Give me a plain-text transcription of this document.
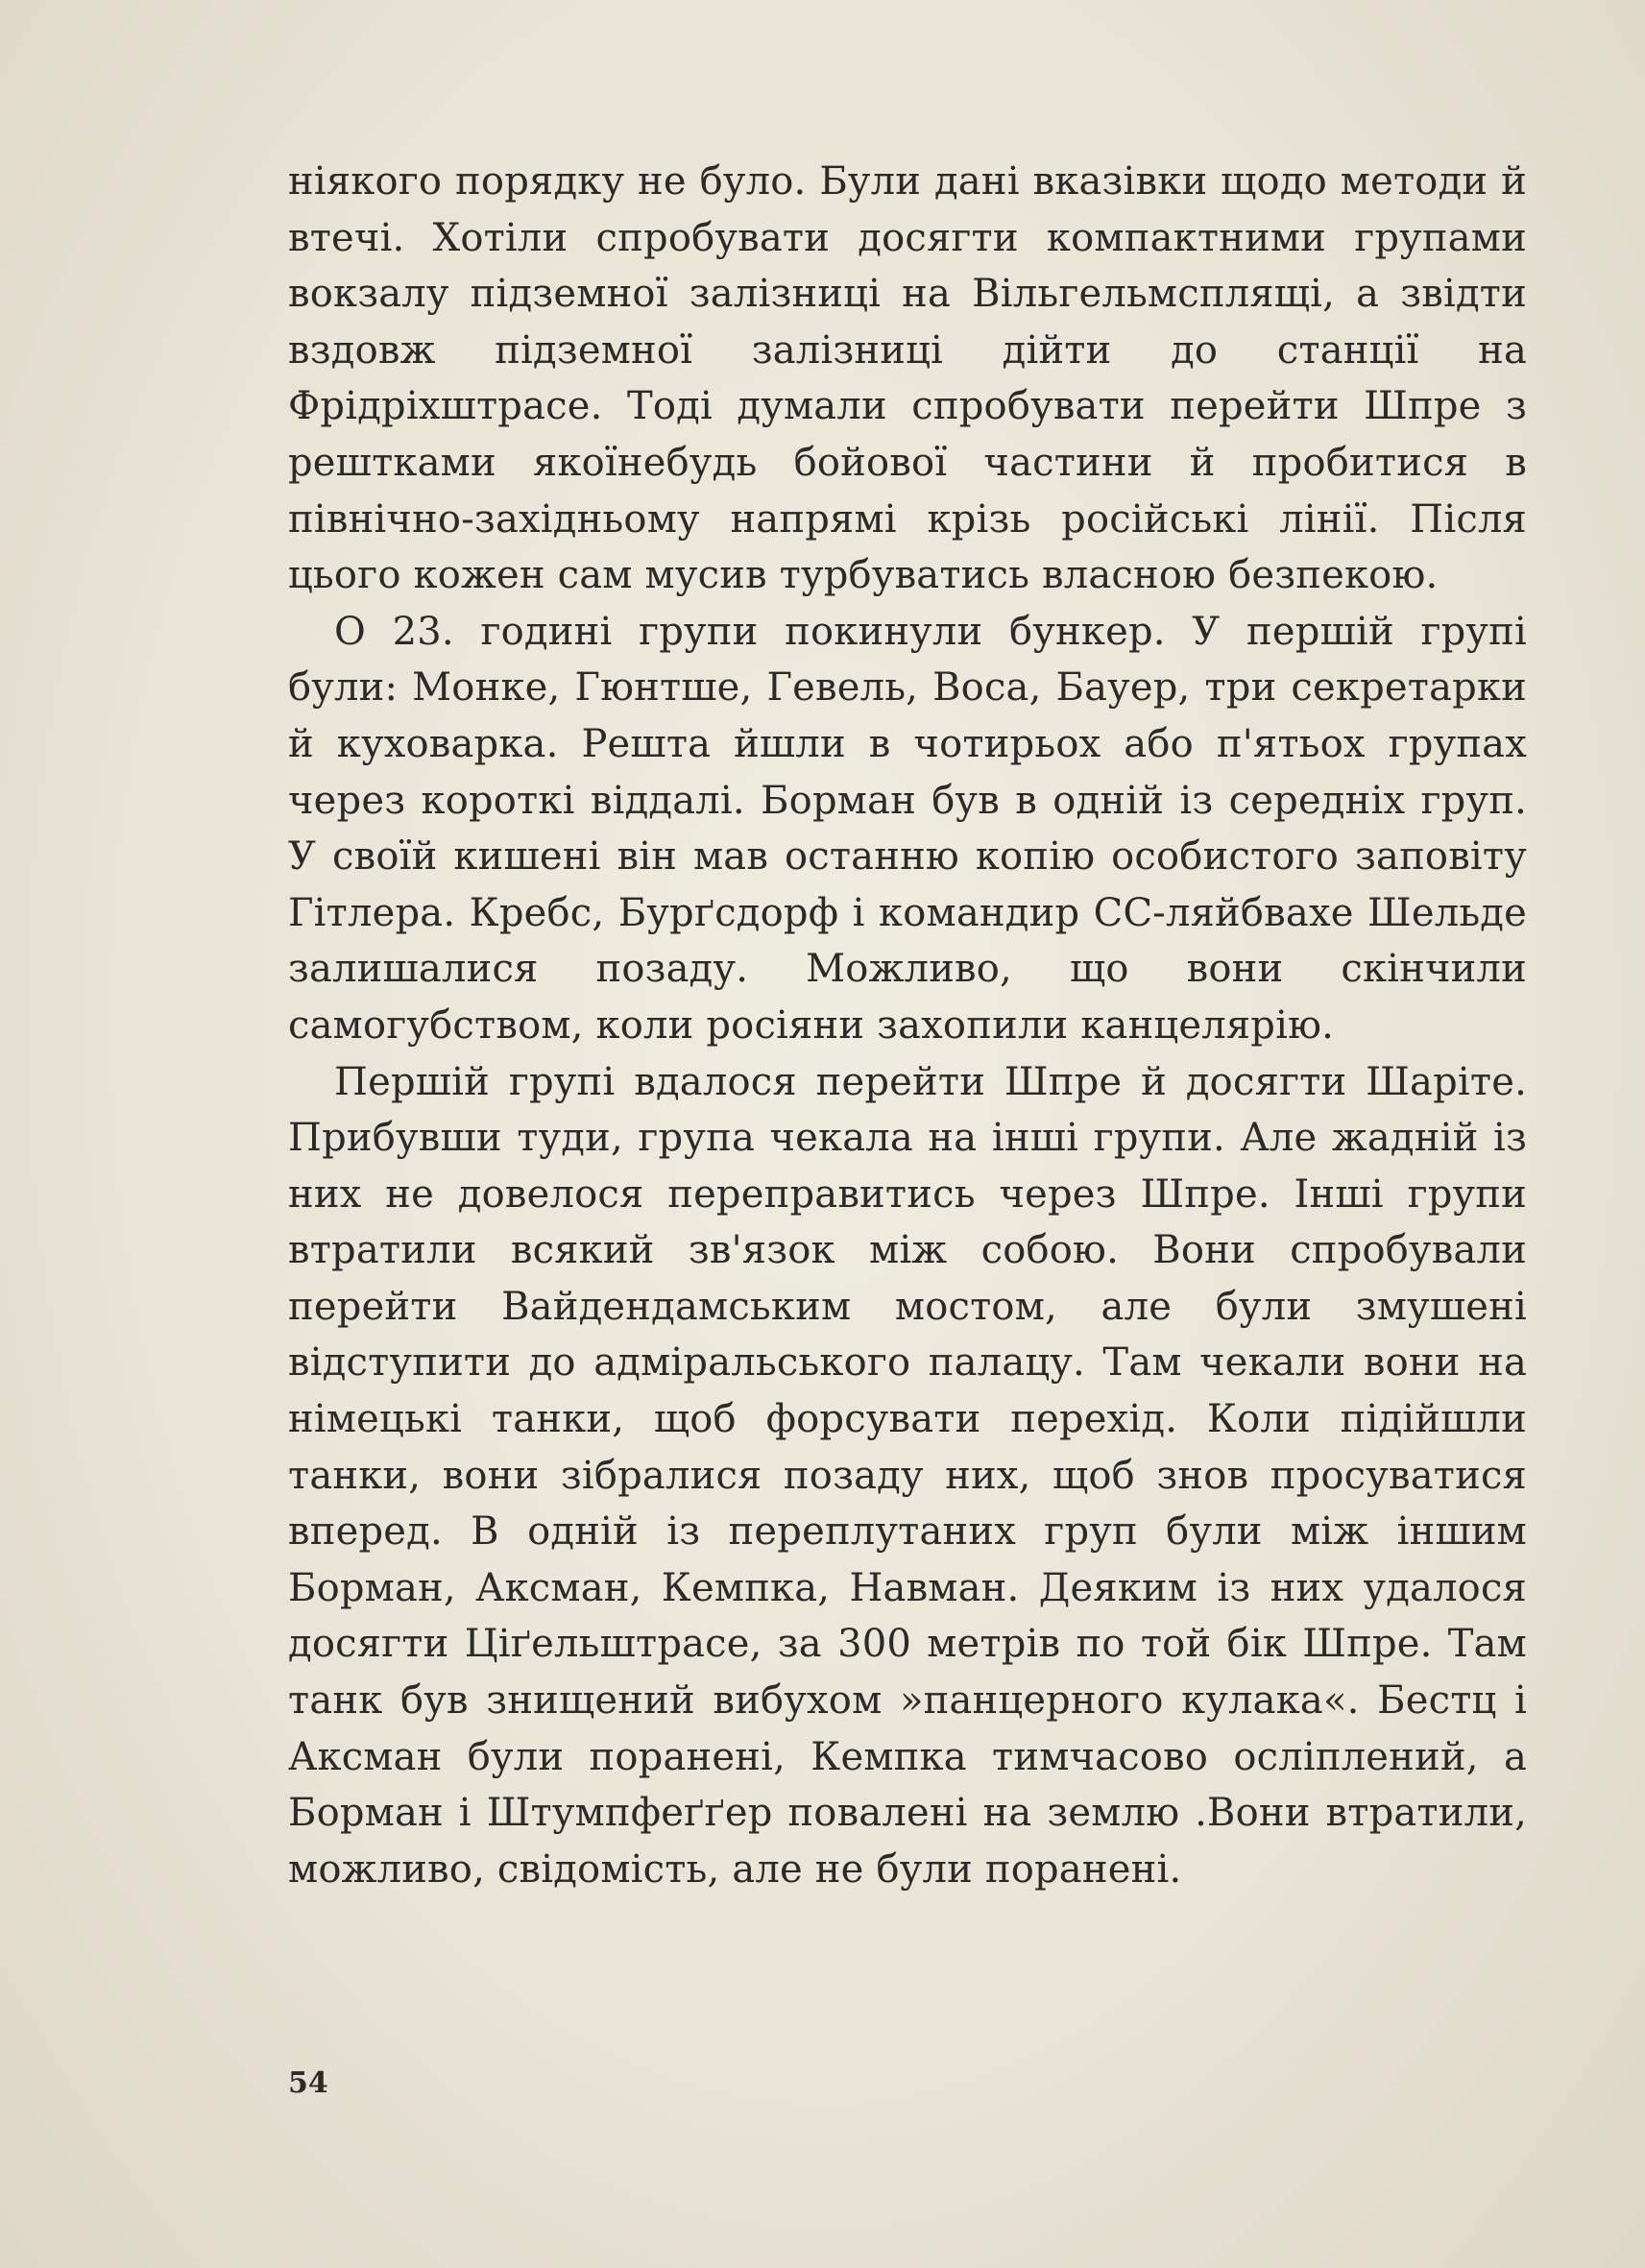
ніякого порядку не було. Були дані вказівки щодо методи й втечі. Хотіли спробувати досягти компактними групами вокзалу підземної залізниці на Вільгельмсплящі, а звідти вздовж підземної залізниці дійти до станції на Фрідріхштрасе. Тоді думали спробувати перейти Шпре з рештками якоїнебудь бойової частини й пробитися в північно-західньому напрямі крізь російські лінії. Після цього кожен сам мусив турбуватись власною безпекою.

О 23. годині групи покинули бункер. У першій групі були: Монке, Гюнтше, Гевель, Воса, Бауер, три секретарки й куховарка. Решта йшли в чотирьох або п'ятьох групах через короткі віддалі. Борман був в одній із середніх груп. У своїй кишені він мав останню копію особистого заповіту Гітлера. Кребс, Бурґсдорф і командир СС-ляйбвахе Шельде залишалися позаду. Можливо, що вони скінчили самогубством, коли росіяни захопили канцелярію.

Першій групі вдалося перейти Шпре й досягти Шаріте. Прибувши туди, група чекала на інші групи. Але жадній із них не довелося переправитись через Шпре. Інші групи втратили всякий зв'язок між собою. Вони спробували перейти Вайдендамським мостом, але були змушені відступити до адміральського палацу. Там чекали вони на німецькі танки, щоб форсувати перехід. Коли підійшли танки, вони зібралися позаду них, щоб знов просуватися вперед. В одній із переплутаних груп були між іншим Борман, Аксман, Кемпка, Навман. Деяким із них удалося досягти Ціґельштрасе, за 300 метрів по той бік Шпре. Там танк був знищений вибухом »панцерного кулака«. Бестц і Аксман були поранені, Кемпка тимчасово осліплений, а Борман і Штумпфеґґер повалені на землю .Вони втратили, можливо, свідомість, але не були поранені.

54
